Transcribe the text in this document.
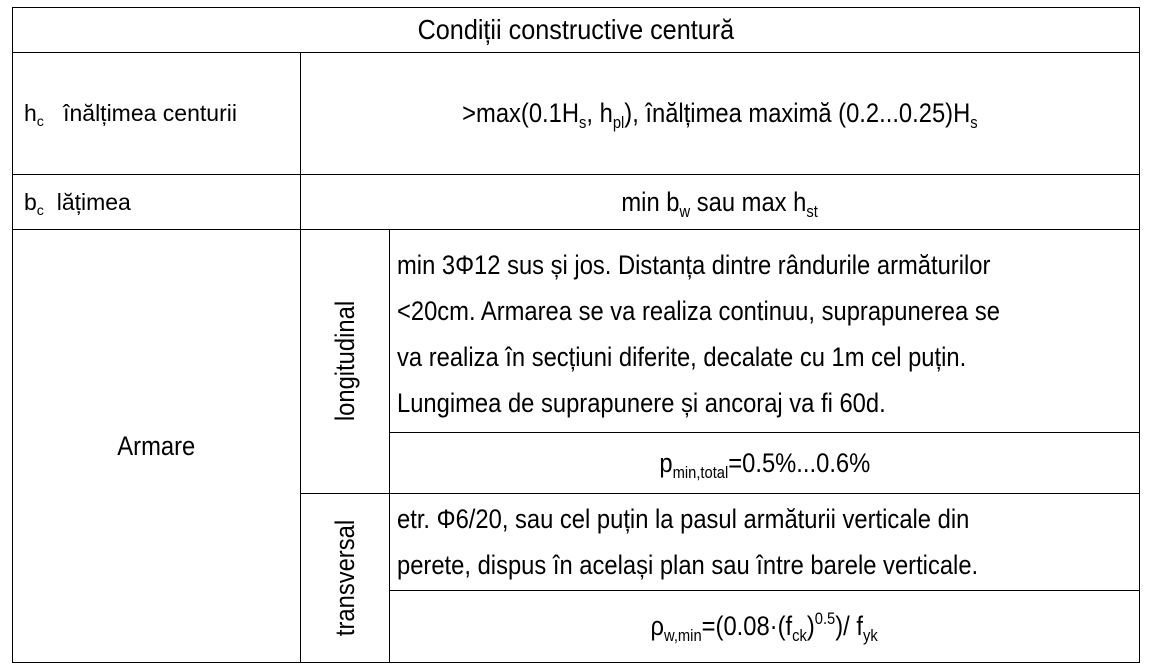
Condiții constructive centură
$h_c$ înălțimea centurii	$>\max(0.1H_s$, $h_{pl}$), înălțimea maximă $(0.2...0.25)H_s$
$b_c$ lățimea	$\min b_w$ sau $\max h_{st}$
Armare
longitudinal
min 3Φ12 sus și jos. Distanța dintre rândurile armăturilor
<20cm. Armarea se va realiza continuu, suprapunerea se
va realiza în secțiuni diferite, decalate cu 1m cel puțin.
Lungimea de suprapunere și ancoraj va fi 60d.
$p_{min,total}=0.5\%...0.6\%$
transversal
etr. Φ6/20, sau cel puțin la pasul armăturii verticale din
perete, dispus în același plan sau între barele verticale.
$\rho_{w,min}=(0.08\cdot(f_{ck})^{0.5})/$ $f_{yk}$
